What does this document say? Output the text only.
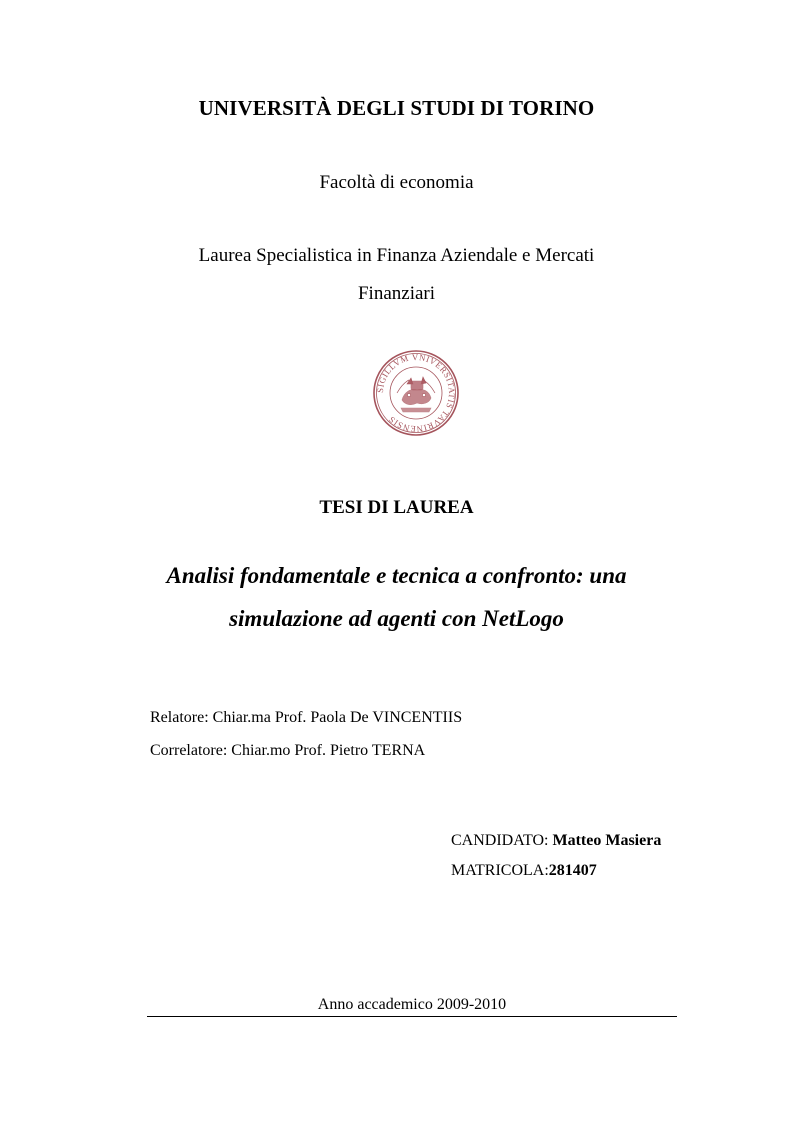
UNIVERSITÀ DEGLI STUDI DI TORINO
Facoltà di economia
Laurea Specialistica in Finanza Aziendale e Mercati
Finanziari
SIGILLVM VNIVERSITATIS TAVRINENSIS
TESI DI LAUREA
Analisi fondamentale e tecnica a confronto: una
simulazione ad agenti con NetLogo
Relatore: Chiar.ma Prof. Paola De VINCENTIIS
Correlatore: Chiar.mo Prof. Pietro TERNA
CANDIDATO: Matteo Masiera
MATRICOLA:281407
Anno accademico 2009-2010
